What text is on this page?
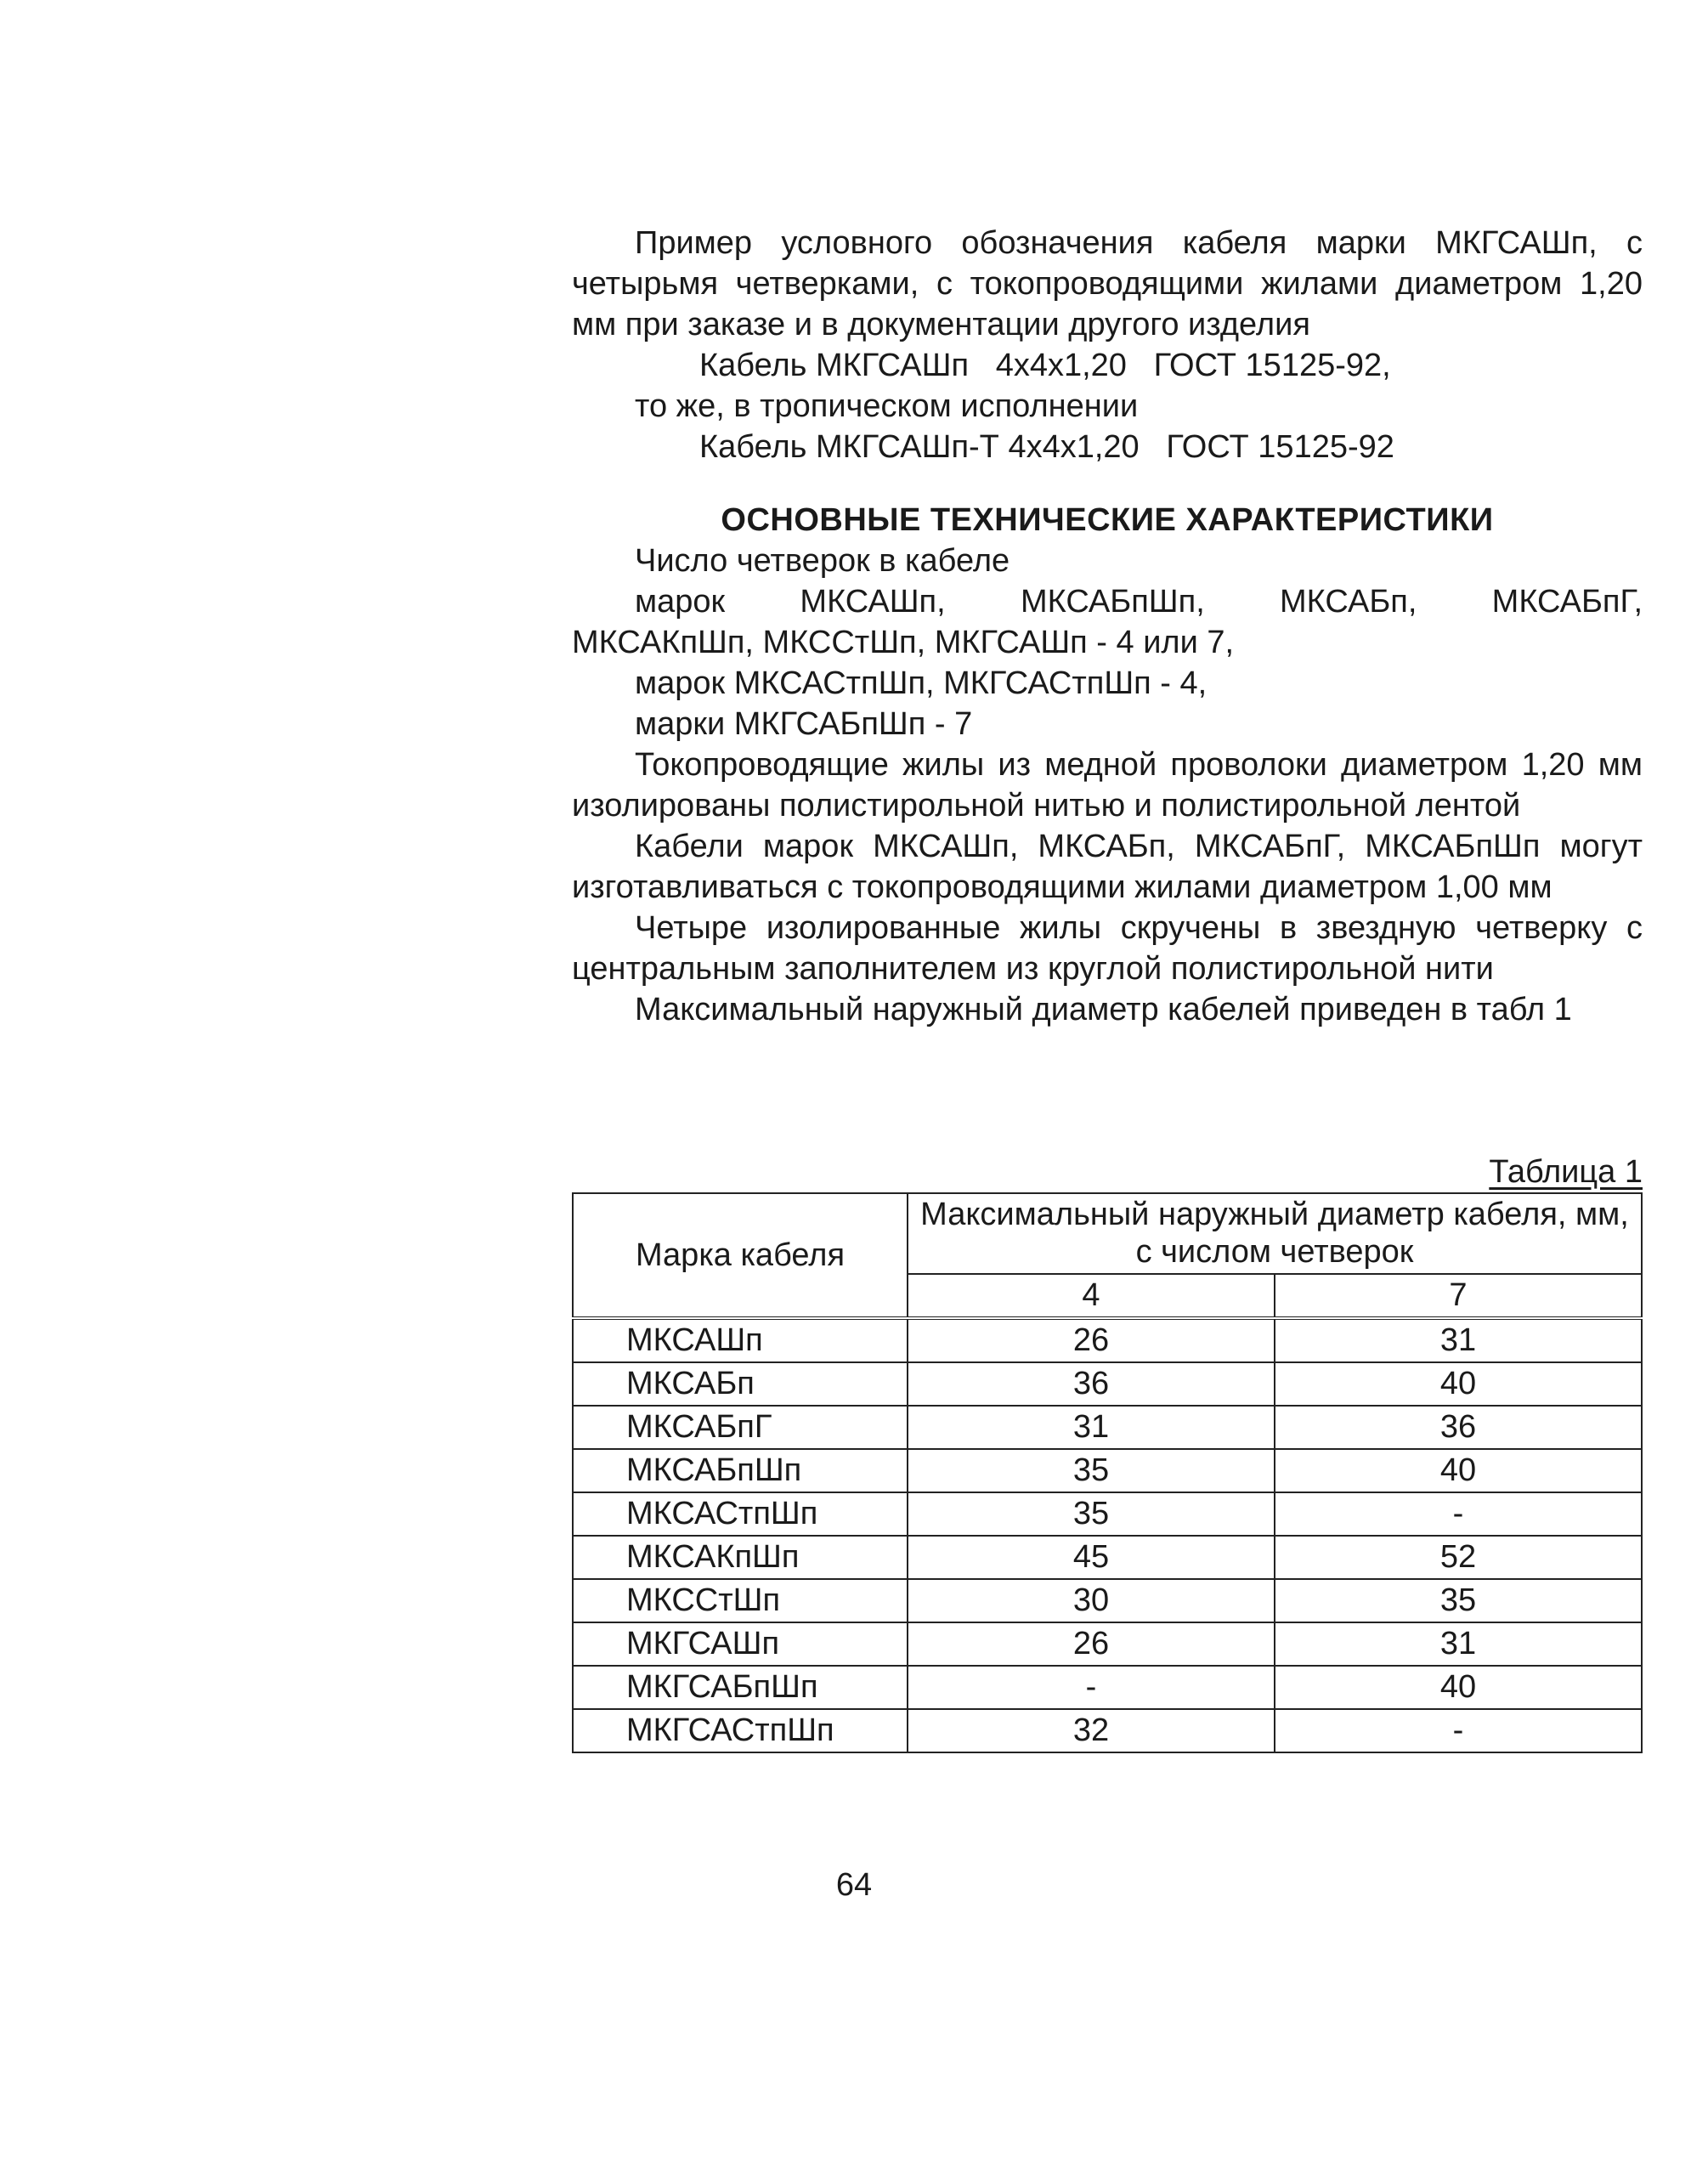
Пример условного обозначения кабеля марки МКГСАШп, с четырьмя четверками, с токопроводящими жилами диаметром 1,20 мм при заказе и в документации другого изделия

Кабель МКГСАШп   4x4x1,20   ГОСТ 15125-92,

то же, в тропическом исполнении

Кабель МКГСАШп-Т 4x4x1,20   ГОСТ 15125-92

ОСНОВНЫЕ ТЕХНИЧЕСКИЕ ХАРАКТЕРИСТИКИ

Число четверок в кабеле

марок МКСАШп, МКСАБпШп, МКСАБп, МКСАБпГ,

МКСАКпШп, МКССтШп, МКГСАШп - 4 или 7,

марок МКСАСтпШп, МКГСАСтпШп - 4,

марки МКГСАБпШп - 7

Токопроводящие жилы из медной проволоки диаметром 1,20 мм изолированы полистирольной нитью и полистирольной лентой

Кабели марок МКСАШп, МКСАБп, МКСАБпГ, МКСАБпШп могут изготавливаться с токопроводящими жилами диаметром 1,00 мм

Четыре изолированные жилы скручены в звездную четверку с центральным заполнителем из круглой полистирольной нити

Максимальный наружный диаметр кабелей приведен в табл 1

Таблица 1

Марка кабеля	Максимальный наружный диаметр кабеля, мм, с числом четверок	
	4	7
МКСАШп	26	31
МКСАБп	36	40
МКСАБпГ	31	36
МКСАБпШп	35	40
МКСАСтпШп	35	-
МКСАКпШп	45	52
МКССтШп	30	35
МКГСАШп	26	31
МКГСАБпШп	-	40
МКГСАСтпШп	32	-
64
